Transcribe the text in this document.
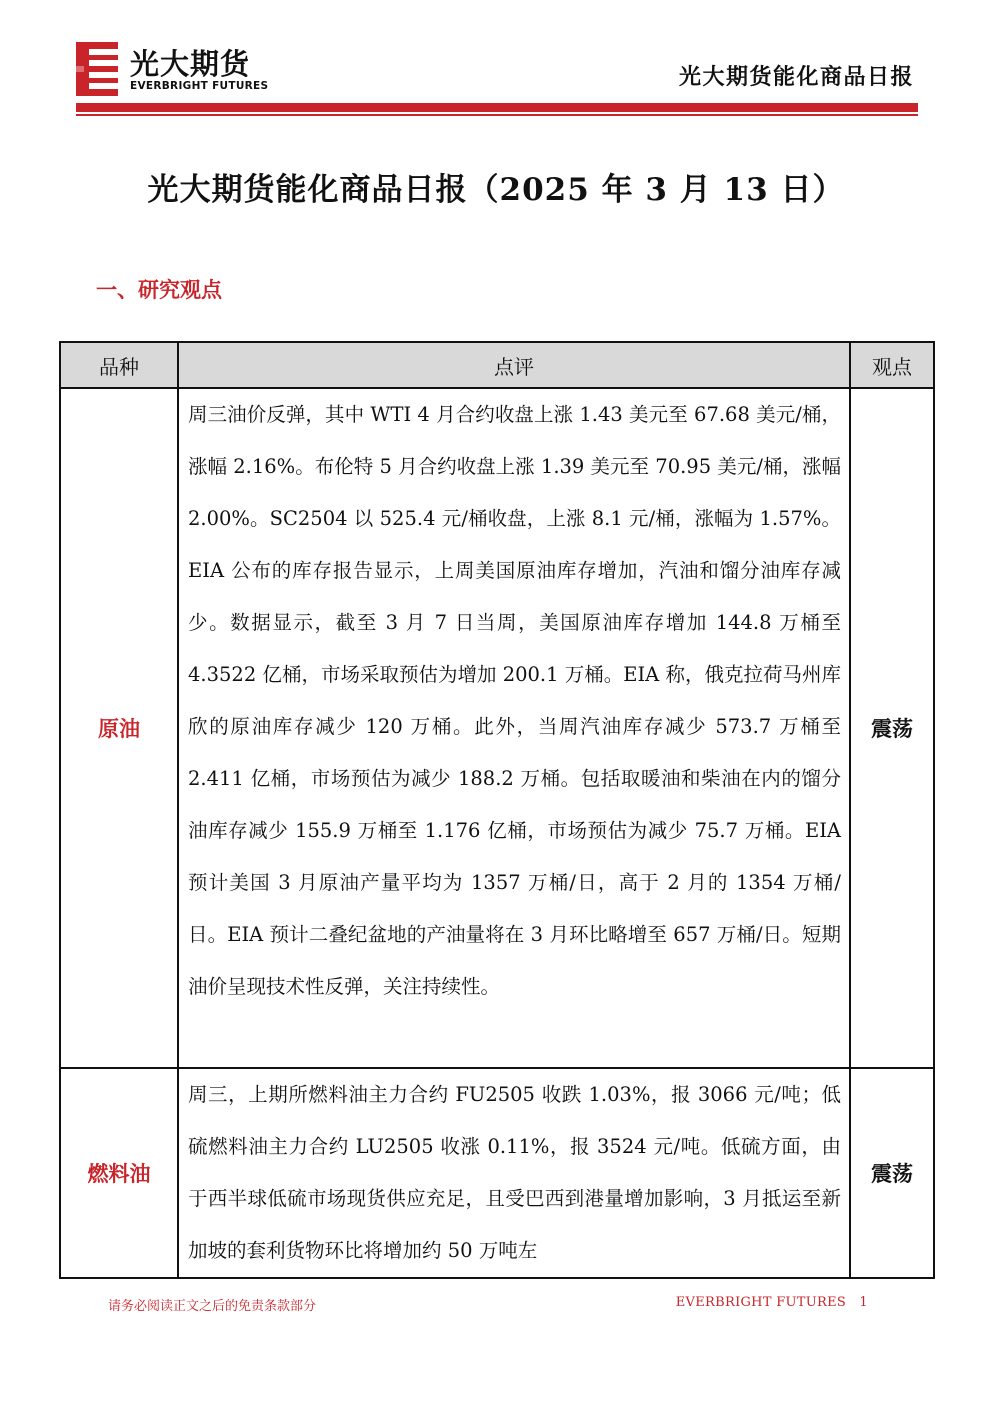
光大期货
EVERBRIGHT FUTURES	光大期货能化商品日报
光大期货能化商品日报（2025 年 3 月 13 日）
一、研究观点
品种	点评	观点
原油	周三油价反弹，其中 WTI 4 月合约收盘上涨 1.43 美元至 67.68 美元/桶，涨幅 2.16%。布伦特 5 月合约收盘上涨 1.39 美元至 70.95 美元/桶，涨幅 2.00%。SC2504 以 525.4 元/桶收盘，上涨 8.1 元/桶，涨幅为 1.57%。EIA 公布的库存报告显示，上周美国原油库存增加，汽油和馏分油库存减少。数据显示，截至 3 月 7 日当周，美国原油库存增加 144.8 万桶至 4.3522 亿桶，市场采取预估为增加 200.1 万桶。EIA 称，俄克拉荷马州库欣的原油库存减少 120 万桶。此外，当周汽油库存减少 573.7 万桶至 2.411 亿桶，市场预估为减少 188.2 万桶。包括取暖油和柴油在内的馏分油库存减少 155.9 万桶至 1.176 亿桶，市场预估为减少 75.7 万桶。EIA 预计美国 3 月原油产量平均为 1357 万桶/日，高于 2 月的 1354 万桶/日。EIA 预计二叠纪盆地的产油量将在 3 月环比略增至 657 万桶/日。短期油价呈现技术性反弹，关注持续性。	震荡
燃料油	周三，上期所燃料油主力合约 FU2505 收跌 1.03%，报 3066 元/吨；低硫燃料油主力合约 LU2505 收涨 0.11%，报 3524 元/吨。低硫方面，由于西半球低硫市场现货供应充足，且受巴西到港量增加影响，3 月抵运至新加坡的套利货物环比将增加约 50 万吨左	震荡
请务必阅读正文之后的免责条款部分	EVERBRIGHT FUTURES 1
